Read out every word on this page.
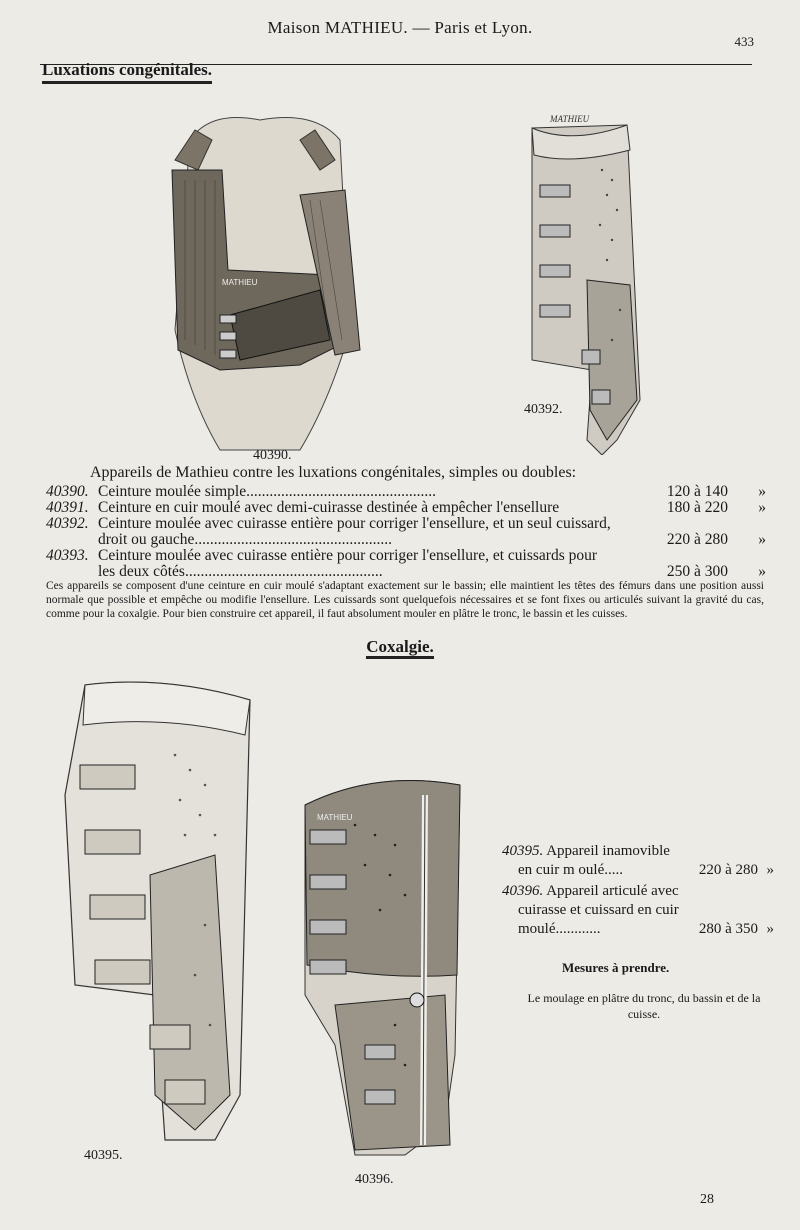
Maison MATHIEU. — Paris et Lyon.
433
Luxations congénitales.
MATHIEU
40390.
MATHIEU
40392.
Appareils de Mathieu contre les luxations congénitales, simples ou doubles:
40390. Ceinture moulée simple.................................................	120 à 140 »
40391. Ceinture en cuir moulé avec demi-cuirasse destinée à empêcher l'ensellure	180 à 220 »
40392. Ceinture moulée avec cuirasse entière pour corriger l'ensellure, et un seul cuissard,
droit ou gauche...................................................	220 à 280 »
40393. Ceinture moulée avec cuirasse entière pour corriger l'ensellure, et cuissards pour
les deux côtés...................................................	250 à 300 »
Ces appareils se composent d'une ceinture en cuir moulé s'adaptant exactement sur le bassin; elle maintient les têtes des fémurs dans une position aussi normale que possible et empêche ou modifie l'ensellure. Les cuissards sont quelquefois nécessaires et se font fixes ou articulés suivant la gravité du cas, comme pour la coxalgie. Pour bien construire cet appareil, il faut absolument mouler en plâtre le tronc, le bassin et les cuisses.
Coxalgie.
40395.
MATHIEU
40396.
40395. Appareil inamovible
en cuir m oulé.....	220 à 280 »
40396. Appareil articulé avec
cuirasse et cuissard en cuir
moulé............	280 à 350 »
Mesures à prendre.
Le moulage en plâtre du tronc, du bassin et de la cuisse.
28
